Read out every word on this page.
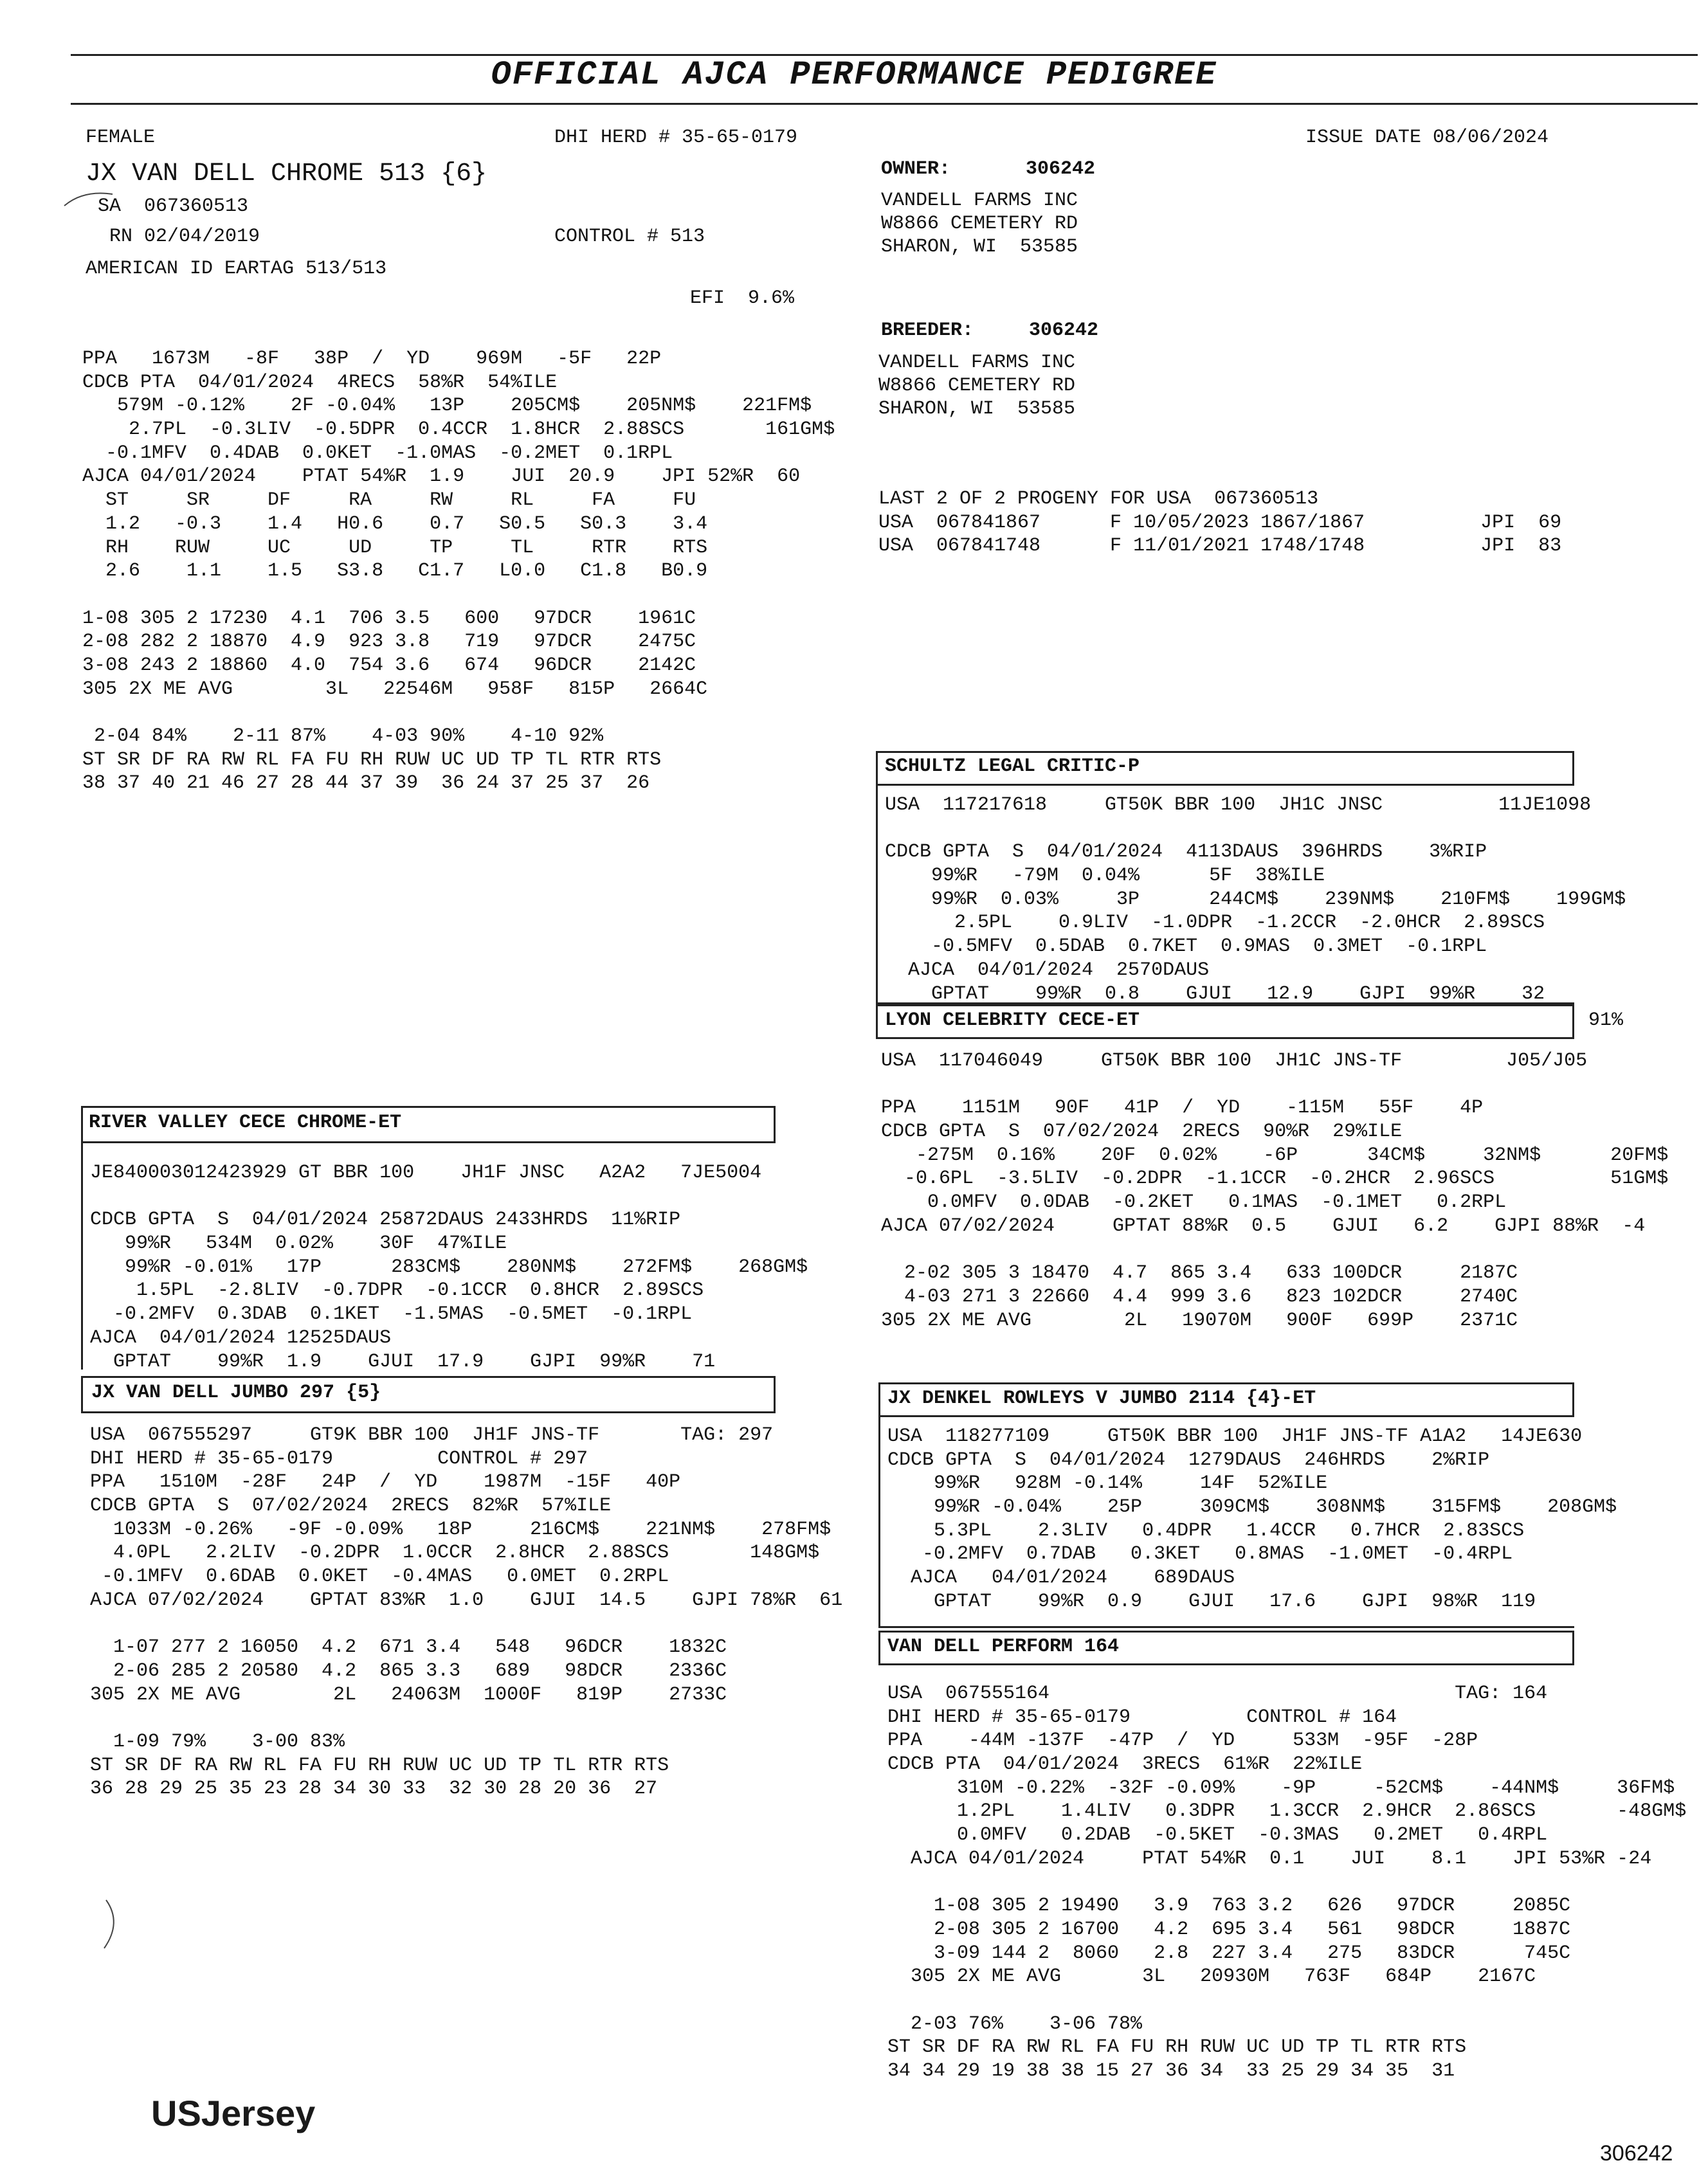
OFFICIAL AJCA PERFORMANCE PEDIGREE
FEMALE	DHI HERD # 35-65-0179
JX VAN DELL CHROME 513 {6}
SA  067360513
RN 02/04/2019	CONTROL # 513
AMERICAN ID EARTAG 513/513
EFI  9.6%
PPA   1673M   -8F   38P  /  YD    969M   -5F   22P
CDCB PTA  04/01/2024  4RECS  58%R  54%ILE
579M -0.12%    2F -0.04%   13P    205CM$    205NM$    221FM$
2.7PL  -0.3LIV  -0.5DPR  0.4CCR  1.8HCR  2.88SCS       161GM$
-0.1MFV  0.4DAB  0.0KET  -1.0MAS  -0.2MET  0.1RPL
AJCA 04/01/2024    PTAT 54%R  1.9    JUI  20.9    JPI 52%R  60
ST     SR     DF     RA     RW     RL     FA     FU
1.2   -0.3    1.4   H0.6    0.7   S0.5   S0.3    3.4
RH    RUW     UC     UD     TP     TL     RTR    RTS
2.6    1.1    1.5   S3.8   C1.7   L0.0   C1.8   B0.9
1-08 305 2 17230  4.1  706 3.5   600   97DCR    1961C
2-08 282 2 18870  4.9  923 3.8   719   97DCR    2475C
3-08 243 2 18860  4.0  754 3.6   674   96DCR    2142C
305 2X ME AVG        3L   22546M   958F   815P   2664C
2-04 84%    2-11 87%    4-03 90%    4-10 92%
ST SR DF RA RW RL FA FU RH RUW UC UD TP TL RTR RTS
38 37 40 21 46 27 28 44 37 39  36 24 37 25 37  26
ISSUE DATE 08/06/2024
OWNER:	306242
VANDELL FARMS INC
W8866 CEMETERY RD
SHARON, WI  53585
BREEDER:	306242
VANDELL FARMS INC
W8866 CEMETERY RD
SHARON, WI  53585
LAST 2 OF 2 PROGENY FOR USA  067360513
USA  067841867      F 10/05/2023 1867/1867          JPI  69
USA  067841748      F 11/01/2021 1748/1748          JPI  83
RIVER VALLEY CECE CHROME-ET
JE840003012423929 GT BBR 100    JH1F JNSC   A2A2   7JE5004
CDCB GPTA  S  04/01/2024 25872DAUS 2433HRDS  11%RIP
99%R   534M  0.02%    30F  47%ILE
99%R -0.01%   17P      283CM$    280NM$    272FM$    268GM$
1.5PL  -2.8LIV  -0.7DPR  -0.1CCR  0.8HCR  2.89SCS
-0.2MFV  0.3DAB  0.1KET  -1.5MAS  -0.5MET  -0.1RPL
AJCA  04/01/2024 12525DAUS
GPTAT    99%R  1.9    GJUI  17.9    GJPI  99%R    71
JX VAN DELL JUMBO 297 {5}
USA  067555297     GT9K BBR 100  JH1F JNS-TF       TAG: 297
DHI HERD # 35-65-0179         CONTROL # 297
PPA   1510M  -28F   24P  /  YD    1987M  -15F   40P
CDCB GPTA  S  07/02/2024  2RECS  82%R  57%ILE
1033M -0.26%   -9F -0.09%   18P     216CM$    221NM$    278FM$
4.0PL   2.2LIV  -0.2DPR  1.0CCR  2.8HCR  2.88SCS       148GM$
-0.1MFV  0.6DAB  0.0KET  -0.4MAS   0.0MET  0.2RPL
AJCA 07/02/2024    GPTAT 83%R  1.0    GJUI  14.5    GJPI 78%R  61
1-07 277 2 16050  4.2  671 3.4   548   96DCR    1832C
2-06 285 2 20580  4.2  865 3.3   689   98DCR    2336C
305 2X ME AVG        2L   24063M  1000F   819P    2733C
1-09 79%    3-00 83%
ST SR DF RA RW RL FA FU RH RUW UC UD TP TL RTR RTS
36 28 29 25 35 23 28 34 30 33  32 30 28 20 36  27
SCHULTZ LEGAL CRITIC-P
USA  117217618     GT50K BBR 100  JH1C JNSC          11JE1098
CDCB GPTA  S  04/01/2024  4113DAUS  396HRDS    3%RIP
99%R   -79M  0.04%      5F  38%ILE
99%R  0.03%     3P      244CM$    239NM$    210FM$    199GM$
2.5PL    0.9LIV  -1.0DPR  -1.2CCR  -2.0HCR  2.89SCS
-0.5MFV  0.5DAB  0.7KET  0.9MAS  0.3MET  -0.1RPL
AJCA  04/01/2024  2570DAUS
GPTAT    99%R  0.8    GJUI   12.9    GJPI  99%R    32
LYON CELEBRITY CECE-ET	91%
USA  117046049     GT50K BBR 100  JH1C JNS-TF         J05/J05
PPA    1151M   90F   41P  /  YD    -115M   55F    4P
CDCB GPTA  S  07/02/2024  2RECS  90%R  29%ILE
-275M  0.16%    20F  0.02%    -6P      34CM$     32NM$      20FM$
-0.6PL  -3.5LIV  -0.2DPR  -1.1CCR  -0.2HCR  2.96SCS          51GM$
0.0MFV  0.0DAB  -0.2KET   0.1MAS  -0.1MET   0.2RPL
AJCA 07/02/2024     GPTAT 88%R  0.5    GJUI   6.2    GJPI 88%R  -4
2-02 305 3 18470  4.7  865 3.4   633 100DCR     2187C
4-03 271 3 22660  4.4  999 3.6   823 102DCR     2740C
305 2X ME AVG        2L   19070M   900F   699P    2371C
JX DENKEL ROWLEYS V JUMBO 2114 {4}-ET
USA  118277109     GT50K BBR 100  JH1F JNS-TF A1A2   14JE630
CDCB GPTA  S  04/01/2024  1279DAUS  246HRDS    2%RIP
99%R   928M -0.14%     14F  52%ILE
99%R -0.04%    25P     309CM$    308NM$    315FM$    208GM$
5.3PL    2.3LIV   0.4DPR   1.4CCR   0.7HCR  2.83SCS
-0.2MFV  0.7DAB   0.3KET   0.8MAS  -1.0MET  -0.4RPL
AJCA   04/01/2024    689DAUS
GPTAT    99%R  0.9    GJUI   17.6    GJPI  98%R  119
VAN DELL PERFORM 164
USA  067555164                                   TAG: 164
DHI HERD # 35-65-0179          CONTROL # 164
PPA    -44M -137F  -47P  /  YD     533M  -95F  -28P
CDCB PTA  04/01/2024  3RECS  61%R  22%ILE
310M -0.22%  -32F -0.09%    -9P     -52CM$    -44NM$     36FM$
1.2PL    1.4LIV   0.3DPR   1.3CCR  2.9HCR  2.86SCS       -48GM$
0.0MFV   0.2DAB  -0.5KET  -0.3MAS   0.2MET   0.4RPL
AJCA 04/01/2024     PTAT 54%R  0.1    JUI    8.1    JPI 53%R -24
1-08 305 2 19490   3.9  763 3.2   626   97DCR     2085C
2-08 305 2 16700   4.2  695 3.4   561   98DCR     1887C
3-09 144 2  8060   2.8  227 3.4   275   83DCR      745C
305 2X ME AVG       3L   20930M   763F   684P    2167C
2-03 76%    3-06 78%
ST SR DF RA RW RL FA FU RH RUW UC UD TP TL RTR RTS
34 34 29 19 38 38 15 27 36 34  33 25 29 34 35  31
USJersey
306242
